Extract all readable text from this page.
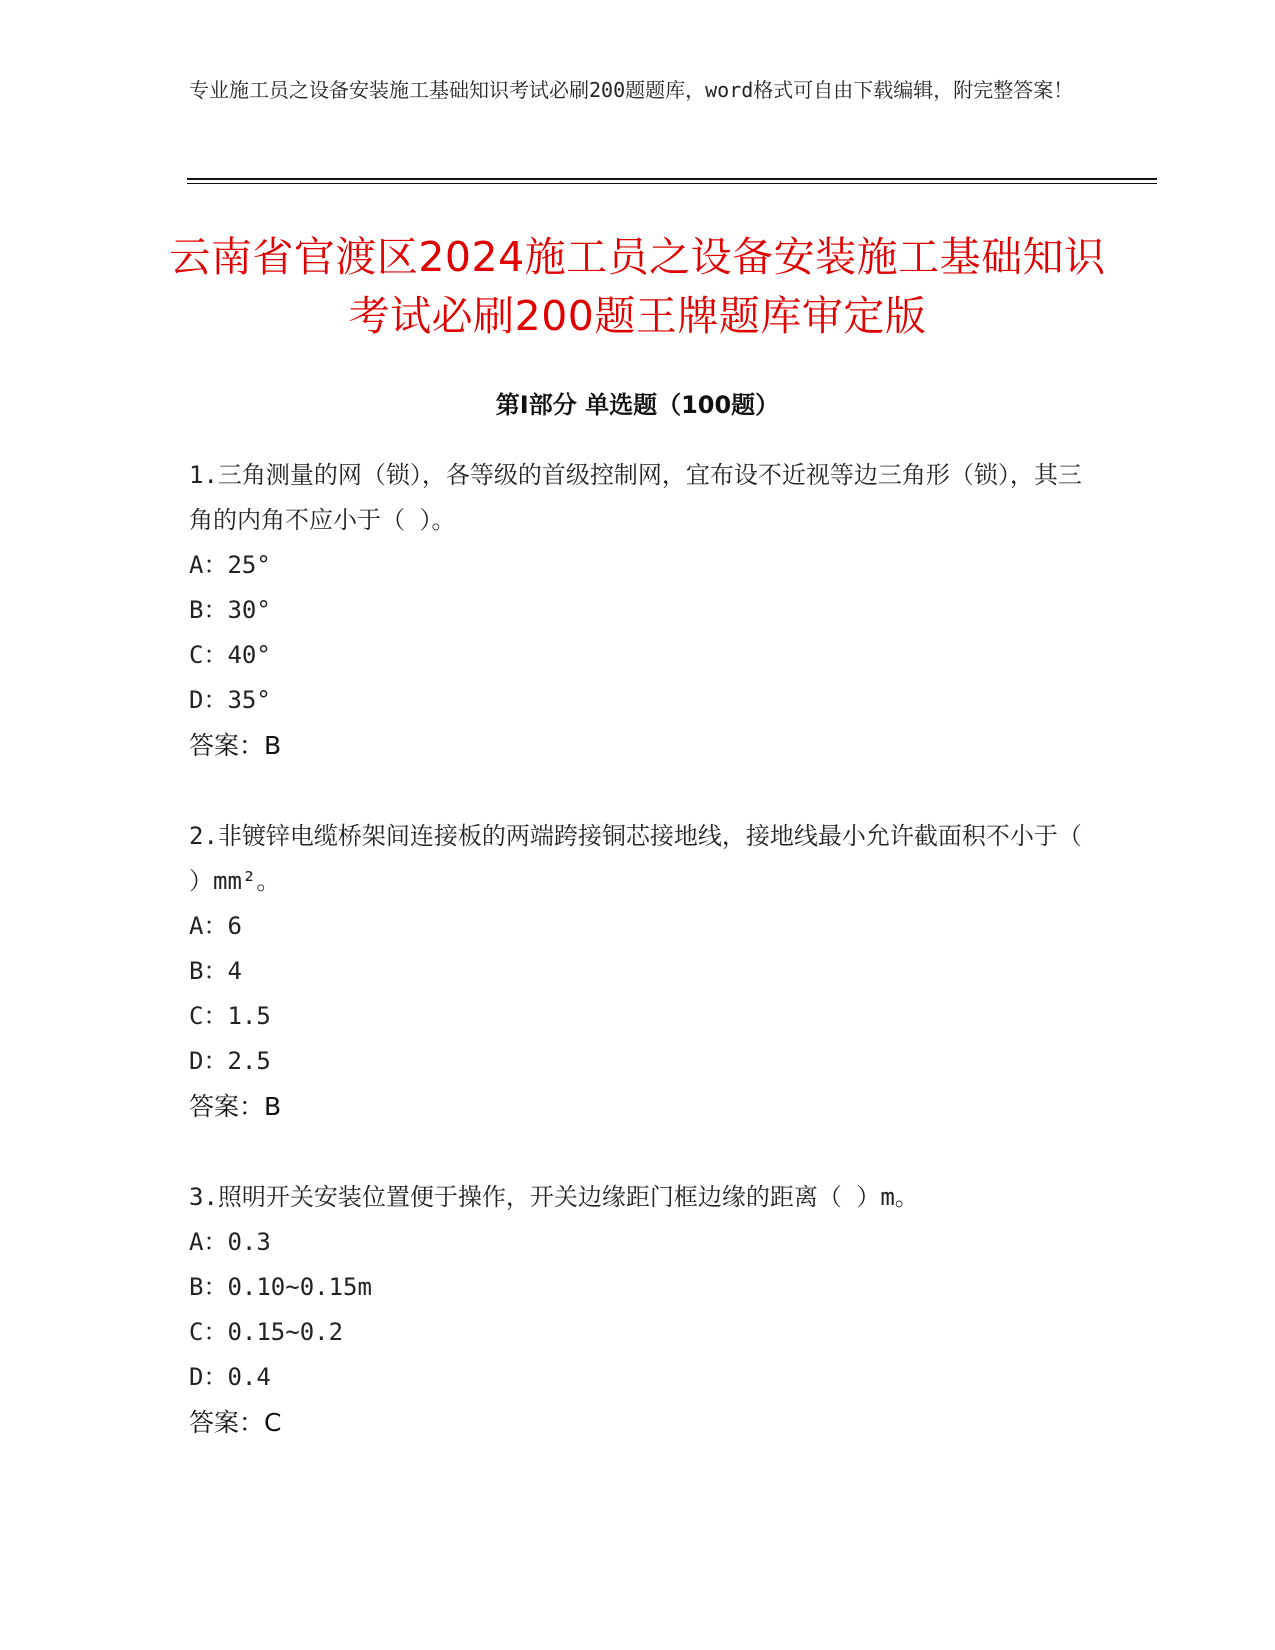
专业施工员之设备安装施工基础知识考试必刷200题题库，word格式可自由下载编辑，附完整答案！
云南省官渡区2024施工员之设备安装施工基础知识考试必刷200题王牌题库审定版
第I部分 单选题（100题）

1.三角测量的网（锁），各等级的首级控制网，宜布设不近视等边三角形（锁），其三角的内角不应小于（ ）。

A：25°
B：30°
C：40°
D：35°
答案：B

2.非镀锌电缆桥架间连接板的两端跨接铜芯接地线，接地线最小允许截面积不小于（ ）mm²。

A：6
B：4
C：1.5
D：2.5
答案：B

3.照明开关安装位置便于操作，开关边缘距门框边缘的距离（ ）m。

A：0.3
B：0.10~0.15m
C：0.15~0.2
D：0.4
答案：C
